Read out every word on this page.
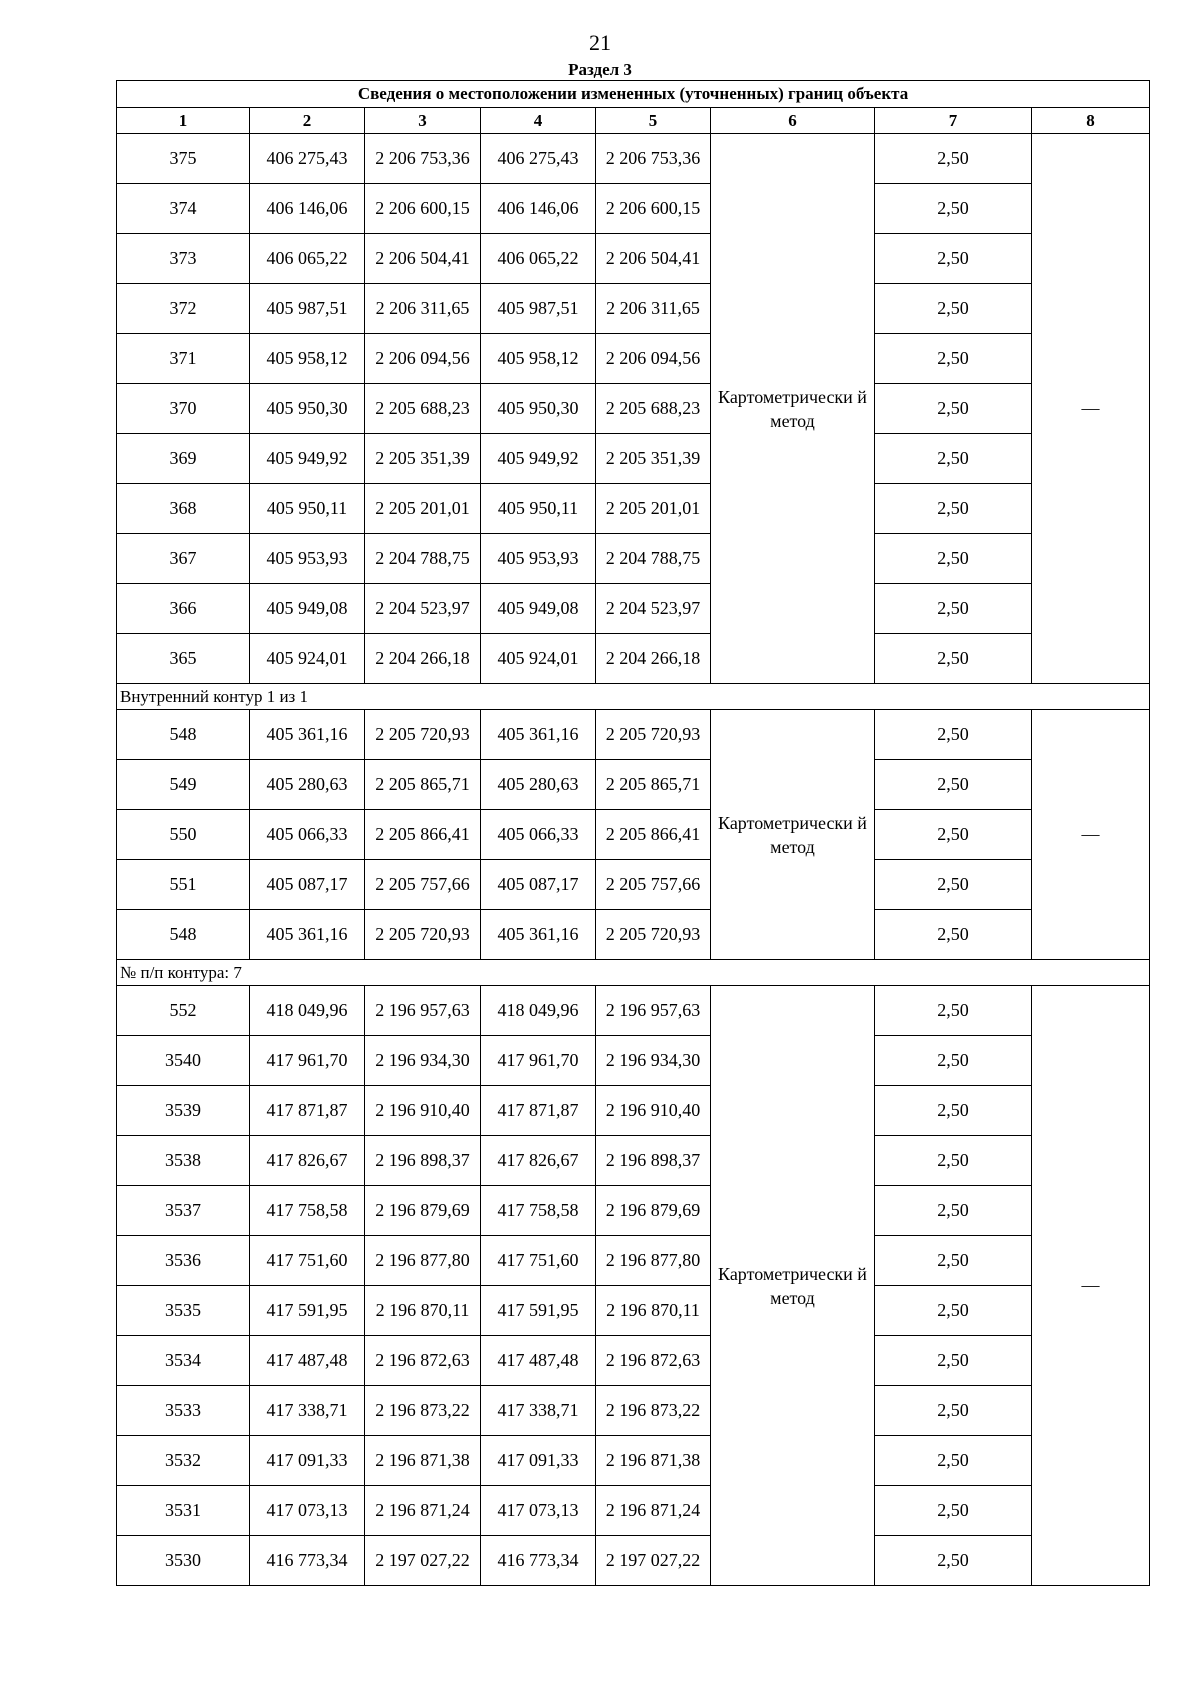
21
Раздел 3
Сведения о местоположении измененных (уточненных) границ объекта							
1	2	3	4	5	6	7	8
375	406 275,43	2 206 753,36	406 275,43	2 206 753,36	Картометрически й метод	2,50	—
374	406 146,06	2 206 600,15	406 146,06	2 206 600,15		2,50	
373	406 065,22	2 206 504,41	406 065,22	2 206 504,41		2,50	
372	405 987,51	2 206 311,65	405 987,51	2 206 311,65		2,50	
371	405 958,12	2 206 094,56	405 958,12	2 206 094,56		2,50	
370	405 950,30	2 205 688,23	405 950,30	2 205 688,23		2,50	
369	405 949,92	2 205 351,39	405 949,92	2 205 351,39		2,50	
368	405 950,11	2 205 201,01	405 950,11	2 205 201,01		2,50	
367	405 953,93	2 204 788,75	405 953,93	2 204 788,75		2,50	
366	405 949,08	2 204 523,97	405 949,08	2 204 523,97		2,50	
365	405 924,01	2 204 266,18	405 924,01	2 204 266,18		2,50	
Внутренний контур 1 из 1							
548	405 361,16	2 205 720,93	405 361,16	2 205 720,93	Картометрически й метод	2,50	—
549	405 280,63	2 205 865,71	405 280,63	2 205 865,71		2,50	
550	405 066,33	2 205 866,41	405 066,33	2 205 866,41		2,50	
551	405 087,17	2 205 757,66	405 087,17	2 205 757,66		2,50	
548	405 361,16	2 205 720,93	405 361,16	2 205 720,93		2,50	
№ п/п контура: 7							
552	418 049,96	2 196 957,63	418 049,96	2 196 957,63	Картометрически й метод	2,50	—
3540	417 961,70	2 196 934,30	417 961,70	2 196 934,30		2,50	
3539	417 871,87	2 196 910,40	417 871,87	2 196 910,40		2,50	
3538	417 826,67	2 196 898,37	417 826,67	2 196 898,37		2,50	
3537	417 758,58	2 196 879,69	417 758,58	2 196 879,69		2,50	
3536	417 751,60	2 196 877,80	417 751,60	2 196 877,80		2,50	
3535	417 591,95	2 196 870,11	417 591,95	2 196 870,11		2,50	
3534	417 487,48	2 196 872,63	417 487,48	2 196 872,63		2,50	
3533	417 338,71	2 196 873,22	417 338,71	2 196 873,22		2,50	
3532	417 091,33	2 196 871,38	417 091,33	2 196 871,38		2,50	
3531	417 073,13	2 196 871,24	417 073,13	2 196 871,24		2,50	
3530	416 773,34	2 197 027,22	416 773,34	2 197 027,22		2,50	
